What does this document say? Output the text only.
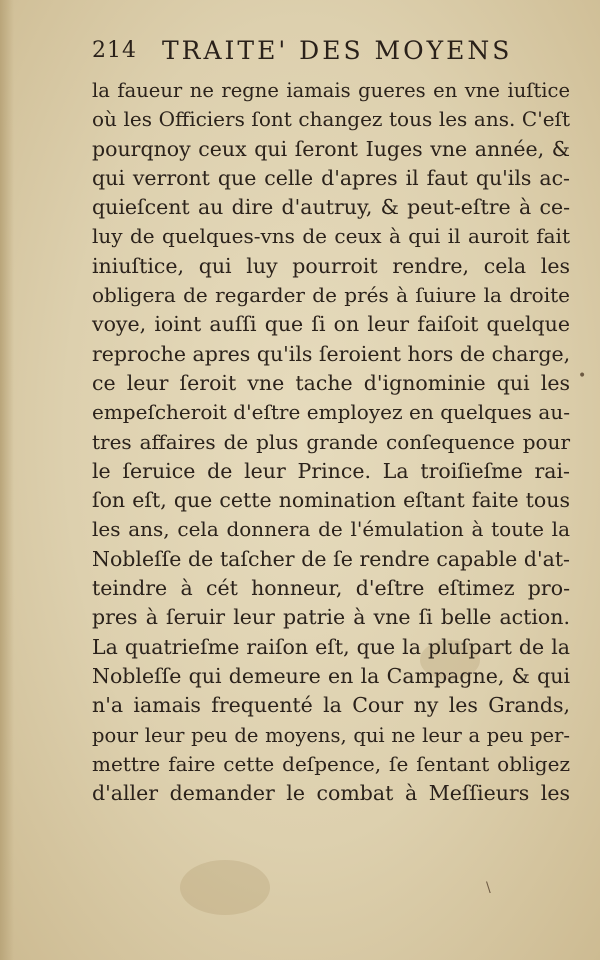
214 TRAITE' DES MOYENS
la faueur ne regne iamais gueres en vne iuſtice
où les Officiers ſont changez tous les ans. C'eſt
pourqnoy ceux qui ſeront Iuges vne année, &
qui verront que celle d'apres il faut qu'ils ac-
quieſcent au dire d'autruy, & peut-eſtre à ce-
luy de quelques-vns de ceux à qui il auroit fait
iniuſtice, qui luy pourroit rendre, cela les
obligera de regarder de prés à ſuiure la droite
voye, ioint auſſi que ſi on leur faiſoit quelque
reproche apres qu'ils ſeroient hors de charge,
ce leur ſeroit vne tache d'ignominie qui les
empeſcheroit d'eſtre employez en quelques au-
tres affaires de plus grande conſequence pour
le ſeruice de leur Prince. La troiſieſme rai-
ſon eſt, que cette nomination eſtant faite tous
les ans, cela donnera de l'émulation à toute la
Nobleſſe de taſcher de ſe rendre capable d'at-
teindre à cét honneur, d'eſtre eſtimez pro-
pres à ſeruir leur patrie à vne ſi belle action.
La quatrieſme raiſon eſt, que la pluſpart de la
Nobleſſe qui demeure en la Campagne, & qui
n'a iamais frequenté la Cour ny les Grands,
pour leur peu de moyens, qui ne leur a peu per-
mettre faire cette deſpence, ſe ſentant obligez
d'aller demander le combat à Meſſieurs les
•
\
